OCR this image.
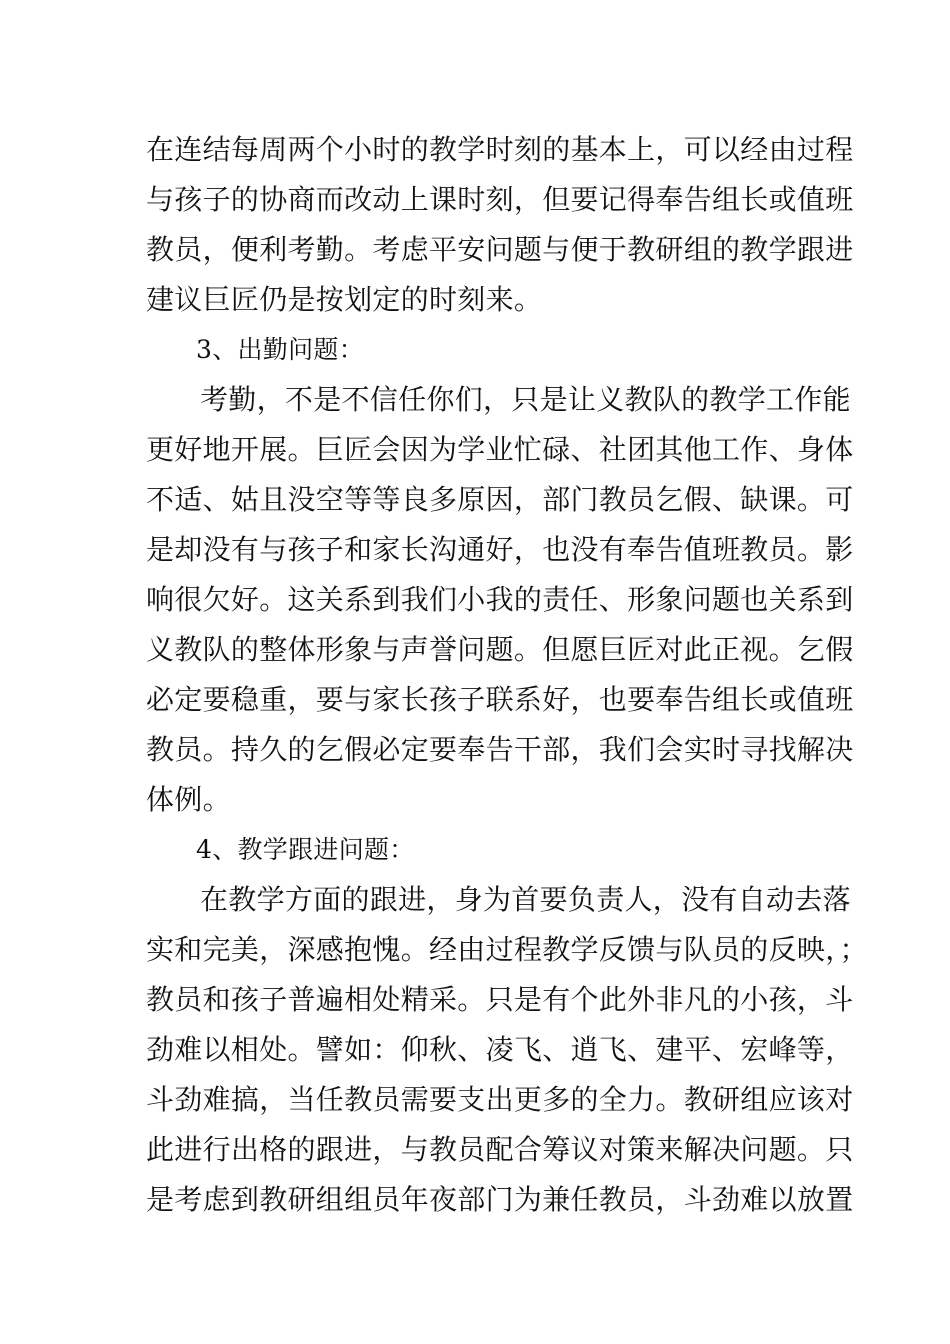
在连结每周两个小时的教学时刻的基本上，可以经由过程
与孩子的协商而改动上课时刻，但要记得奉告组长或值班
教员，便利考勤。考虑平安问题与便于教研组的教学跟进
建议巨匠仍是按划定的时刻来。
3、出勤问题：
考勤，不是不信任你们，只是让义教队的教学工作能
更好地开展。巨匠会因为学业忙碌、社团其他工作、身体
不适、姑且没空等等良多原因，部门教员乞假、缺课。可
是却没有与孩子和家长沟通好，也没有奉告值班教员。影
响很欠好。这关系到我们小我的责任、形象问题也关系到
义教队的整体形象与声誉问题。但愿巨匠对此正视。乞假
必定要稳重，要与家长孩子联系好，也要奉告组长或值班
教员。持久的乞假必定要奉告干部，我们会实时寻找解决
体例。
4、教学跟进问题：
在教学方面的跟进，身为首要负责人，没有自动去落
实和完美，深感抱愧。经由过程教学反馈与队员的反映，；
教员和孩子普遍相处精采。只是有个此外非凡的小孩，斗
劲难以相处。譬如：仰秋、凌飞、逍飞、建平、宏峰等，
斗劲难搞，当任教员需要支出更多的全力。教研组应该对
此进行出格的跟进，与教员配合筹议对策来解决问题。只
是考虑到教研组组员年夜部门为兼任教员，斗劲难以放置
